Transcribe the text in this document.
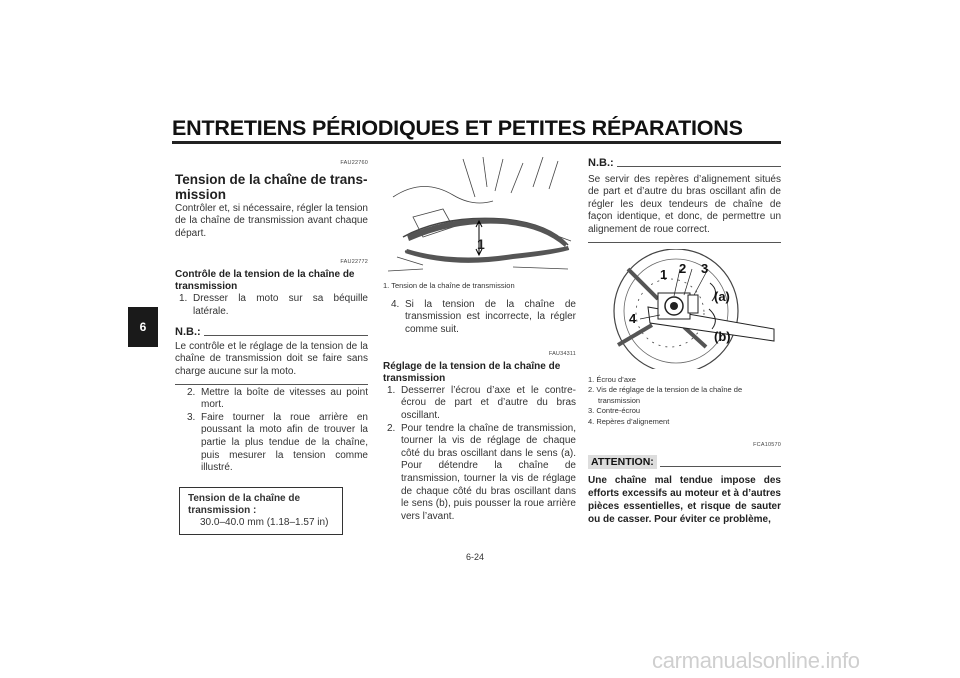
ENTRETIENS PÉRIODIQUES ET PETITES RÉPARATIONS
6
FAU22760
Tension de la chaîne de trans-mission
Contrôler et, si nécessaire, régler la tension de la chaîne de transmission avant chaque départ.
FAU22772
Contrôle de la tension de la chaîne de transmission
1. Dresser la moto sur sa béquille latérale.
N.B.:
Le contrôle et le réglage de la tension de la chaîne de transmission doit se faire sans charge aucune sur la moto.
2. Mettre la boîte de vitesses au point mort.
3. Faire tourner la roue arrière en poussant la moto afin de trouver la partie la plus tendue de la chaîne, puis mesurer la tension comme illustré.
Tension de la chaîne de transmission :
30.0–40.0 mm (1.18–1.57 in)
1
1. Tension de la chaîne de transmission
4. Si la tension de la chaîne de transmission est incorrecte, la régler comme suit.
FAU34311
Réglage de la tension de la chaîne de transmission
1. Desserrer l’écrou d’axe et le contre-écrou de part et d’autre du bras oscillant.
2. Pour tendre la chaîne de transmission, tourner la vis de réglage de chaque côté du bras oscillant dans le sens (a). Pour détendre la chaîne de transmission, tourner la vis de réglage de chaque côté du bras oscillant dans le sens (b), puis pousser la roue arrière vers l’avant.
N.B.:
Se servir des repères d’alignement situés de part et d’autre du bras oscillant afin de régler les deux tendeurs de chaîne de façon identique, et donc, de permettre un alignement de roue correct.
1 2 3
4
(a)
(b)
1. Écrou d’axe
2. Vis de réglage de la tension de la chaîne de transmission
3. Contre-écrou
4. Repères d’alignement
FCA10570
ATTENTION:
Une chaîne mal tendue impose des efforts excessifs au moteur et à d’autres pièces essentielles, et risque de sauter ou de casser. Pour éviter ce problème,
6-24
carmanualsonline.info
